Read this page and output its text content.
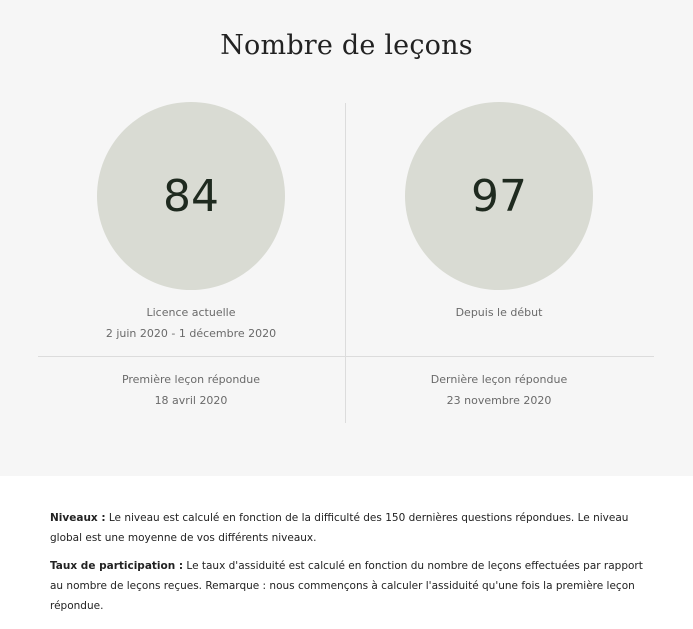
Nombre de leçons
84	97
Licence actuelle
2 juin 2020 - 1 décembre 2020
Depuis le début
Première leçon répondue
18 avril 2020
Dernière leçon répondue
23 novembre 2020

Niveaux : Le niveau est calculé en fonction de la difficulté des 150 dernières questions répondues. Le niveau global est une moyenne de vos différents niveaux.

Taux de participation : Le taux d'assiduité est calculé en fonction du nombre de leçons effectuées par rapport au nombre de leçons reçues. Remarque : nous commençons à calculer l'assiduité qu'une fois la première leçon répondue.
